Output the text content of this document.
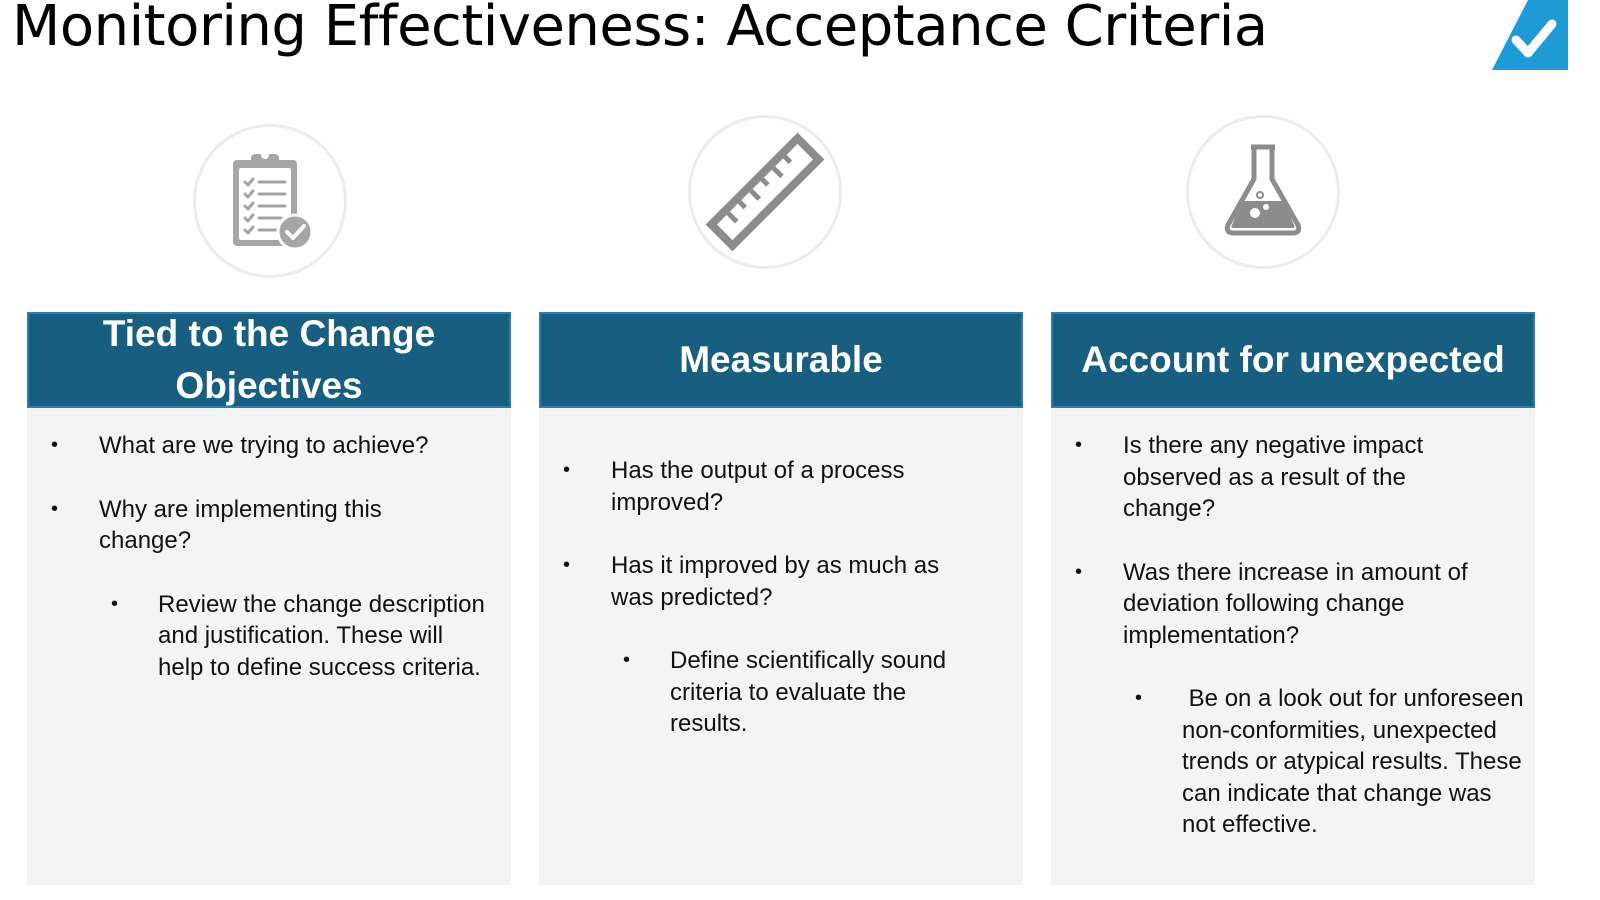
Monitoring Effectiveness: Acceptance Criteria
Tied to the Change Objectives
• What are we trying to achieve?
• Why are implementing this change?
• Review the change description and justification. These will help to define success criteria.
Measurable
• Has the output of a process improved?
• Has it improved by as much as was predicted?
• Define scientifically sound criteria to evaluate the results.
Account for unexpected
• Is there any negative impact observed as a result of the change?
• Was there increase in amount of deviation following change implementation?
• Be on a look out for unforeseen non-conformities, unexpected trends or atypical results. These can indicate that change was not effective.
